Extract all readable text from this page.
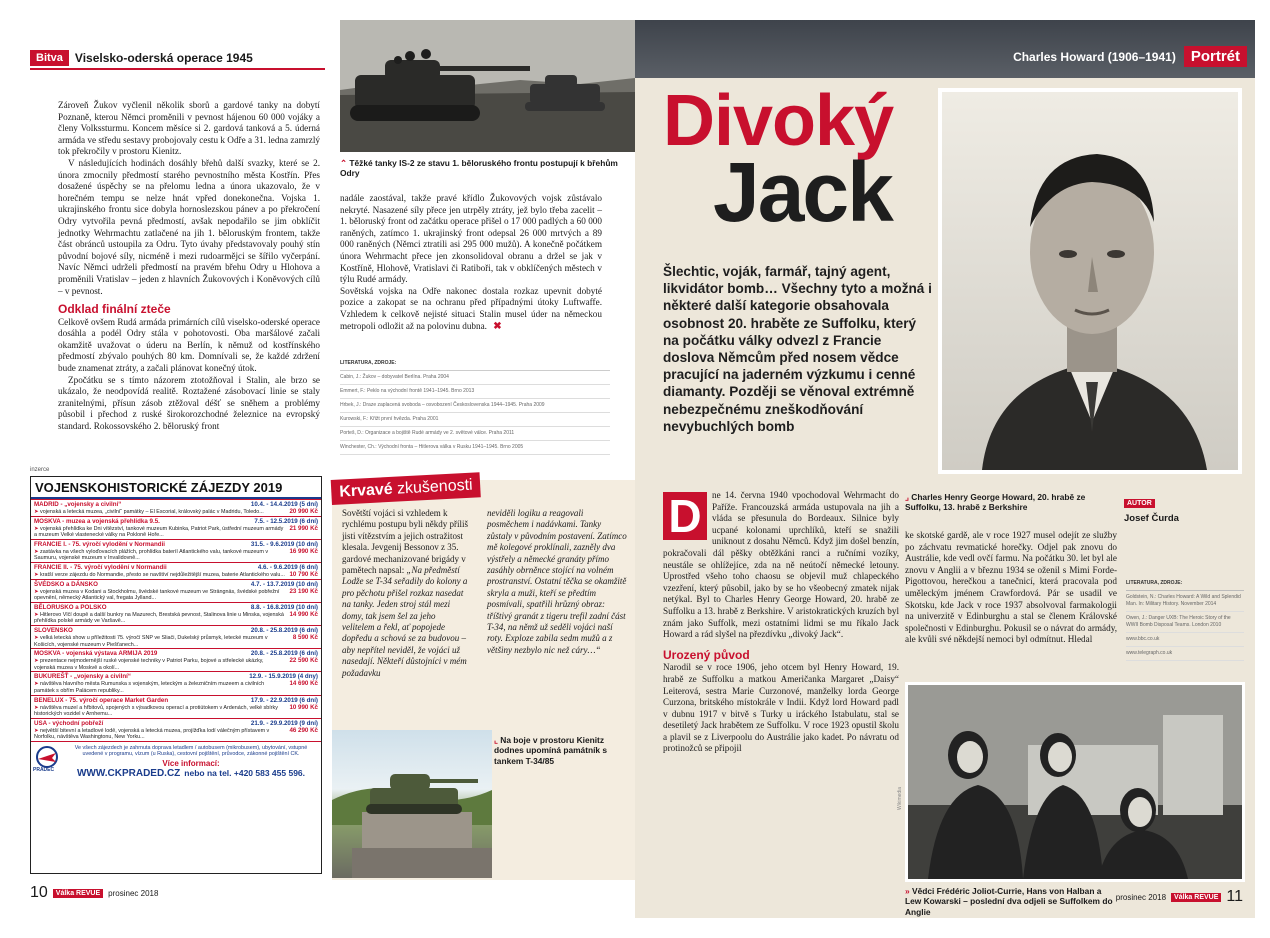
Bitva	Viselsko-oderská operace 1945

Zároveň Žukov vyčlenil několik sborů a gardové tanky na dobytí Poznaně, kterou Němci proměnili v pevnost hájenou 60 000 vojáky a členy Volkssturmu. Koncem měsíce si 2. gardová tanková a 5. úderná armáda ve středu sestavy probojovaly cestu k Odře a 31. ledna zamrzlý tok překročily v prostoru Kienitz.

V následujících hodinách dosáhly břehů další svazky, které se 2. února zmocnily předmostí starého pevnostního města Kostřín. Přes dosažené úspěchy se na přelomu ledna a února ukazovalo, že v horečném tempu se nelze hnát vpřed donekonečna. Vojska 1. ukrajinského frontu sice dobyla hornoslezskou pánev a po překročení Odry vytvořila pevná předmostí, avšak nepodařilo se jim obklíčit jednotky Wehrmachtu zatlačené na jih 1. běloruským frontem, takže část obránců ustoupila za Odru. Tyto úvahy představovaly pouhý stín původní bojové síly, nicméně i mezi rudoarmějci se šířilo vyčerpání. Navíc Němci udrželi předmostí na pravém břehu Odry u Hlohova a proměnili Vratislav – jeden z hlavních Žukovových i Koněvových cílů – v pevnost.

Odklad finální zteče

Celkově ovšem Rudá armáda primárních cílů viselsko-oderské operace dosáhla a podél Odry stála v pohotovosti. Oba maršálové začali okamžitě uvažovat o úderu na Berlín, k němuž od kostřínského předmostí zbývalo pouhých 80 km. Domnívali se, že každé zdržení bude znamenat ztráty, a začali plánovat konečný útok.

Zpočátku se s tímto názorem ztotožňoval i Stalin, ale brzo se ukázalo, že neodpovídá realitě. Roztažené zásobovací linie se staly zranitelnými, přísun zásob ztěžoval déšť se sněhem a problémy působil i přechod z ruské širokorozchodné železnice na evropský standard. Rokossovského 2. běloruský front

⌃ Těžké tanky IS-2 ze stavu 1. běloruského frontu postupují k břehům Odry

nadále zaostával, takže pravé křídlo Žukovových vojsk zůstávalo nekryté. Nasazené síly přece jen utrpěly ztráty, jež bylo třeba zacelit – 1. běloruský front od začátku operace přišel o 17 000 padlých a 60 000 raněných, zatímco 1. ukrajinský front odepsal 26 000 mrtvých a 89 000 raněných (Němci ztratili asi 295 000 mužů). A konečně počátkem února Wehrmacht přece jen zkonsolidoval obranu a držel se jak v Kostříně, Hlohově, Vratislavi či Ratiboři, tak v obklíčených městech v týlu Rudé armády.

Sovětská vojska na Odře nakonec dostala rozkaz upevnit dobyté pozice a zakopat se na ochranu před případnými útoky Luftwaffe. Vzhledem k celkově nejisté situaci Stalin musel úder na německou metropoli odložit až na polovinu dubna. ✖
LITERATURA, ZDROJE:
Cabin, J.: Žukov – dobyvatel Berlína. Praha 2004
Emmert, F.: Peklo na východní frontě 1941–1945. Brno 2013
Hrbek, J.: Draze zaplacená svoboda – osvobození Československa 1944–1945. Praha 2009
Kurowski, F.: Křižt první hvězda. Praha 2001
Porteš, D.: Organizace a bojiště Rudé armády ve 2. světové válce. Praha 2011
Winchester, Ch.: Východní fronta – Hitlerova válka v Rusku 1941–1945. Brno 2005
inzerce
VOJENSKOHISTORICKÉ ZÁJEZDY 2019
MADRID - „vojensky a civilní“	10.4. - 14.4.2019 (5 dní)
➤ vojenská a letecká muzea, „civilní“ památky – El Escorial, královský palác v Madridu, Toledo...	20 990 Kč
MOSKVA - muzea a vojenská přehlídka 9.5.	7.5. - 12.5.2019 (6 dní)
➤ vojenská přehlídka ke Dni vítězství, tankové muzeum Kubinka, Patriot Park, ústřední muzeum armády a muzeum Velké vlastenecké války na Pokloně Hoře...
21 990 Kč
FRANCIE I. - 75. výročí vylodění v Normandii	31.5. - 9.6.2019 (10 dní)
➤ zastávka na všech vyloďovacích plážích, prohlídka bateríí Atlantického valu, tankové muzeum v Saumuru, vojenské muzeum v Invalidovně...
16 990 Kč
FRANCIE II. - 75. výročí vylodění v Normandii	4.6. - 9.6.2019 (6 dní)
➤ kratší verze zájezdu do Normandie, přesto se navštíví nejdůležitější muzea, baterie Atlantického valu... 10 790 Kč
ŠVÉDSKO a DÁNSKO	4.7. - 13.7.2019 (10 dní)
➤ vojenská muzea v Kodani a Stockholmu, švédské tankové muzeum ve Strängnäs, švédské pobřežní opevnění, německý Atlantický val, fregata Jylland...
23 190 Kč
BĚLORUSKO a POLSKO	8.8. - 16.8.2019 (10 dní)
➤ Hitlerovo Vlčí doupě a další bunkry na Mazurech, Brestská pevnost, Stalinova linie u Minska, vojenská přehlídka polské armády ve Varšavě...
14 990 Kč
SLOVENSKO	20.8. - 25.8.2019 (6 dní)
➤ velká letecká show u příležitosti 75. výročí SNP ve Sliači, Dukelský průsmyk, letecké muzeum v Košicích, vojenské muzeum v Piešťanech...
8 590 Kč
MOSKVA - vojenská výstava ARMIJA 2019	20.8. - 25.8.2019 (6 dní)
➤ prezentace nejmodernější ruské vojenské techniky v Patriot Parku, bojové a střelecké ukázky, vojenská muzea v Moskvě a okolí...
22 590 Kč
BUKUREŠŤ - „vojensky a civilní“	12.9. - 15.9.2019 (4 dny)
➤ návštěva hlavního města Rumunska s vojenským, leteckým a železničním muzeem a civilních památek s obřím Palácem republiky...
14 690 Kč
BENELUX - 75. výročí operace Market Garden	17.9. - 22.9.2019 (6 dní)
➤ návštěva muzeí a hřbitovů, spojených s výsadkovou operací a protiútokem v Ardenách, velké sbírky historických vozidel v Arnhemu...
10 990 Kč
USA - východní pobřeží	21.9. - 29.9.2019 (9 dní)
➤ největší bitevní a letadlové lodě, vojenská a letecká muzea, projížďka lodí válečným přístavem v Norfolku, návštěva Washingtonu, New Yorku...
46 290 Kč
PRADEC
Ve všech zájezdech je zahrnuta doprava letadlem / autobusem (mikrobusem), ubytování, vstupné uvedené v programu, vízum (u Ruska), cestovní pojištění, průvodce, zákonné pojištění CK.
Více informací:
WWW.CKPRADED.CZ nebo na tel. +420 583 455 596.
Krvavé zkušenosti
Sovětští vojáci si vzhledem k rychlému postupu byli někdy příliš jisti vítězstvím a jejich ostražitost klesala. Jevgenij Bessonov z 35. gardové mechanizované brigády v pamětech napsal: „Na předměstí Lodže se T-34 seřadily do kolony a pro pěchotu přišel rozkaz nasedat na tanky. Jeden stroj stál mezi domy, tak jsem šel za jeho velitelem a řekl, ať popojede dopředu a schová se za budovou – aby nepřítel neviděl, že vojáci už nasedají. Někteří důstojníci v mém požadavku
neviděli logiku a reagovali posměchem i nadávkami. Tanky zůstaly v původním postavení. Zatímco mě kolegové proklínali, zazněly dva výstřely a německé granáty přímo zasáhly obrněnce stojící na volném prostranství. Ostatní těčka se okamžitě skryla a muži, kteří se předtím posmívali, spatřili hrůzný obraz: tříštivý granát z tigeru trefil zadní část T-34, na němž už seděli vojáci naší roty. Exploze zabila sedm mužů a z většiny nezbylo nic než cáry…“
⌞ Na boje v prostoru Kienitz dodnes upomíná památník s tankem T-34/85
10	Válka REVUE	prosinec 2018
Charles Howard (1906–1941)	Portrét
Divoký
Jack
Šlechtic, voják, farmář, tajný agent, likvidátor bomb… Všechny tyto a možná i některé další kategorie obsahovala osobnost 20. hraběte ze Suffolku, který na počátku války odvezl z Francie doslova Němcům před nosem vědce pracující na jaderném výzkumu i cenné diamanty. Později se věnoval extrémně nebezpečnému zneškodňování nevybuchlých bomb
D	ne 14. června 1940 vpochodoval Wehrmacht do Paříže. Francouzská armáda ustupovala na jih a vláda se přesunula do Bordeaux. Silnice byly ucpané kolonami uprchlíků, kteří se snažili uniknout z dosahu Němců. Když jim došel benzín, pokračovali dál pěšky obtěžkáni ranci a ručními vozíky, neustále se ohlížejíce, zda na ně neútočí německé letouny. Uprostřed všeho toho chaosu se objevil muž chlapeckého vzezření, který působil, jako by se ho všeobecný zmatek nijak netýkal. Byl to Charles Henry George Howard, 20. hrabě ze Suffolku a 13. hrabě z Berkshire. V aristokratických kruzích byl znám jako Suffolk, mezi ostatními lidmi se mu říkalo Jack Howard a rád slyšel na přezdívku „divoký Jack“.
Urozený původ
Narodil se v roce 1906, jeho otcem byl Henry Howard, 19. hrabě ze Suffolku a matkou Američanka Margaret „Daisy“ Leiterová, sestra Marie Curzonové, manželky lorda George Curzona, britského místokrále v Indii. Když lord Howard padl v dubnu 1917 v bitvě s Turky u iráckého Istabulatu, stal se desetiletý Jack hrabětem ze Suffolku. V roce 1923 opustil školu a plavil se z Liverpoolu do Austrálie jako kadet. Po návratu od protinožců se připojil
⌟ Charles Henry George Howard, 20. hrabě ze Suffolku, 13. hrabě z Berkshire	AUTOR
Josef Čurda

ke skotské gardě, ale v roce 1927 musel odejít ze služby po záchvatu revmatické horečky. Odjel pak znovu do Austrálie, kde vedl ovčí farmu. Na počátku 30. let byl ale znovu v Anglii a v březnu 1934 se oženil s Mimi Forde-Pigottovou, herečkou a tanečnicí, která pracovala pod uměleckým jménem Crawfordová. Pár se usadil ve Skotsku, kde Jack v roce 1937 absolvoval farmakologii na univerzitě v Edinburghu a stal se členem Královské společnosti v Edinburghu. Pokusil se o návrat do armády, ale kvůli své někdejší nemoci byl odmítnut. Hledal

LITERATURA, ZDROJE:
Goldstein, N.: Charles Howard: A Wild and Splendid Man. In: Military History. November 2014
Owen, J.: Danger UXB: The Heroic Story of the WWII Bomb Disposal Teams. London 2010
www.bbc.co.uk
www.telegraph.co.uk
» Vědci Frédéric Joliot-Currie, Hans von Halban a Lew Kowarski – poslední dva odjeli se Suffolkem do Anglie
Wikimedia
prosinec 2018	Válka REVUE 11
